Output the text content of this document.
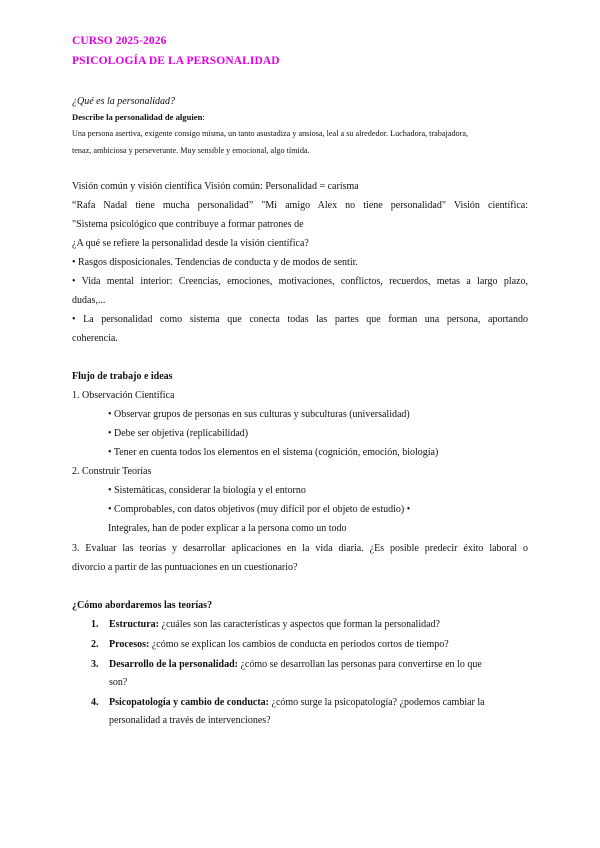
CURSO 2025-2026
PSICOLOGÍA DE LA PERSONALIDAD
¿Qué es la personalidad?
Describe la personalidad de alguien:
Una persona asertiva, exigente consigo misma, un tanto asustadiza y ansiosa, leal a su alrededor. Luchadora, trabajadora,
tenaz, ambiciosa y perseverante. Muy sensible y emocional, algo tímida.
Visión común y visión científica Visión común: Personalidad = carisma
“Rafa Nadal tiene mucha personalidad” "Mi amigo Alex no tiene personalidad" Visión científica:
"Sistema psicológico que contribuye a formar patrones de
¿A qué se refiere la personalidad desde la visión científica?
• Rasgos disposicionales. Tendencias de conducta y de modos de sentir.
• Vida mental interior: Creencias, emociones, motivaciones, conflictos, recuerdos, metas a largo plazo,
dudas,...
• La personalidad como sistema que conecta todas las partes que forman una persona, aportando
coherencia.
Flujo de trabajo e ideas
1. Observación Científica
• Observar grupos de personas en sus culturas y subculturas (universalidad)
• Debe ser objetiva (replicabilidad)
• Tener en cuenta todos los elementos en el sistema (cognición, emoción, biología)
2. Construir Teorías
• Sistemáticas, considerar la biología y el entorno
• Comprobables, con datos objetivos (muy difícil por el objeto de estudio) •
Integrales, han de poder explicar a la persona como un todo
3. Evaluar las teorías y desarrollar aplicaciones en la vida diaria. ¿Es posible predecir éxito laboral o
divorcio a partir de las puntuaciones en un cuestionario?
¿Cómo abordaremos las teorías?
1. Estructura: ¿cuáles son las características y aspectos que forman la personalidad?
2. Procesos: ¿cómo se explican los cambios de conducta en periodos cortos de tiempo?
3. Desarrollo de la personalidad: ¿cómo se desarrollan las personas para convertirse en lo que
son?
4. Psicopatología y cambio de conducta: ¿cómo surge la psicopatología? ¿podemos cambiar la
personalidad a través de intervenciones?
